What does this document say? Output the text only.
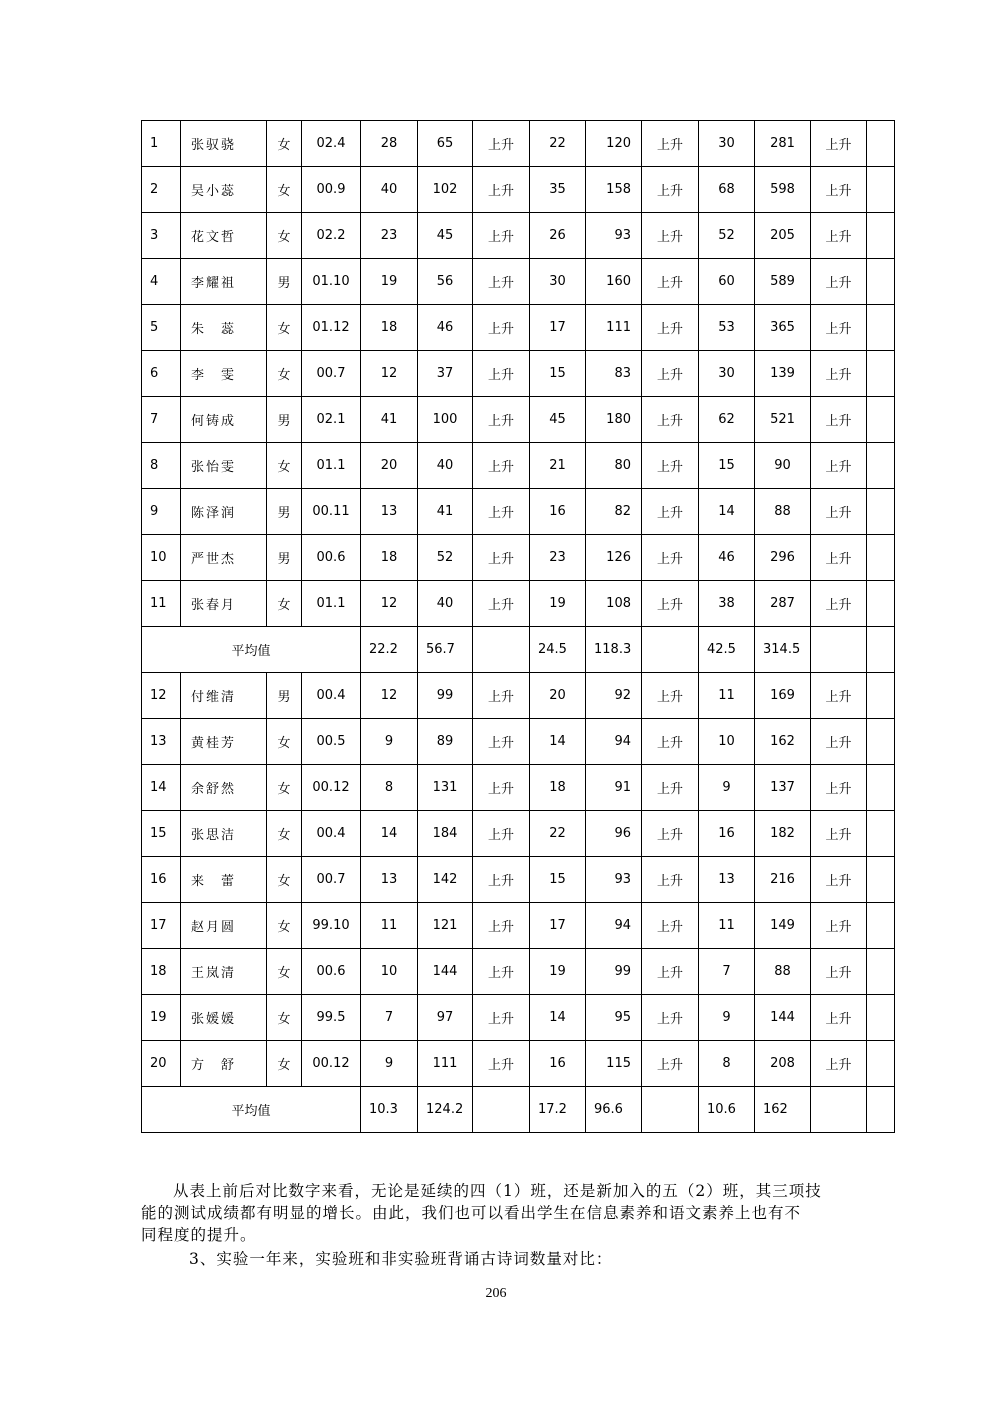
1	张驭骁	女	02.4	28	65	上升	22	120	上升	30	281	上升	
2	吴小蕊	女	00.9	40	102	上升	35	158	上升	68	598	上升	
3	花文哲	女	02.2	23	45	上升	26	93	上升	52	205	上升	
4	李耀祖	男	01.10	19	56	上升	30	160	上升	60	589	上升	
5	朱　蕊	女	01.12	18	46	上升	17	111	上升	53	365	上升	
6	李　雯	女	00.7	12	37	上升	15	83	上升	30	139	上升	
7	何铸成	男	02.1	41	100	上升	45	180	上升	62	521	上升	
8	张怡雯	女	01.1	20	40	上升	21	80	上升	15	90	上升	
9	陈泽润	男	00.11	13	41	上升	16	82	上升	14	88	上升	
10	严世杰	男	00.6	18	52	上升	23	126	上升	46	296	上升	
11	张春月	女	01.1	12	40	上升	19	108	上升	38	287	上升	
平均值				22.2	56.7		24.5	118.3		42.5	314.5		
12	付维清	男	00.4	12	99	上升	20	92	上升	11	169	上升	
13	黄桂芳	女	00.5	9	89	上升	14	94	上升	10	162	上升	
14	余舒然	女	00.12	8	131	上升	18	91	上升	9	137	上升	
15	张思洁	女	00.4	14	184	上升	22	96	上升	16	182	上升	
16	来　蕾	女	00.7	13	142	上升	15	93	上升	13	216	上升	
17	赵月圆	女	99.10	11	121	上升	17	94	上升	11	149	上升	
18	王岚清	女	00.6	10	144	上升	19	99	上升	7	88	上升	
19	张媛媛	女	99.5	7	97	上升	14	95	上升	9	144	上升	
20	方　舒	女	00.12	9	111	上升	16	115	上升	8	208	上升	
平均值				10.3	124.2		17.2	96.6		10.6	162		
从表上前后对比数字来看，无论是延续的四（1）班，还是新加入的五（2）班，其三项技
能的测试成绩都有明显的增长。由此，我们也可以看出学生在信息素养和语文素养上也有不
同程度的提升。
3、实验一年来，实验班和非实验班背诵古诗词数量对比：
206
